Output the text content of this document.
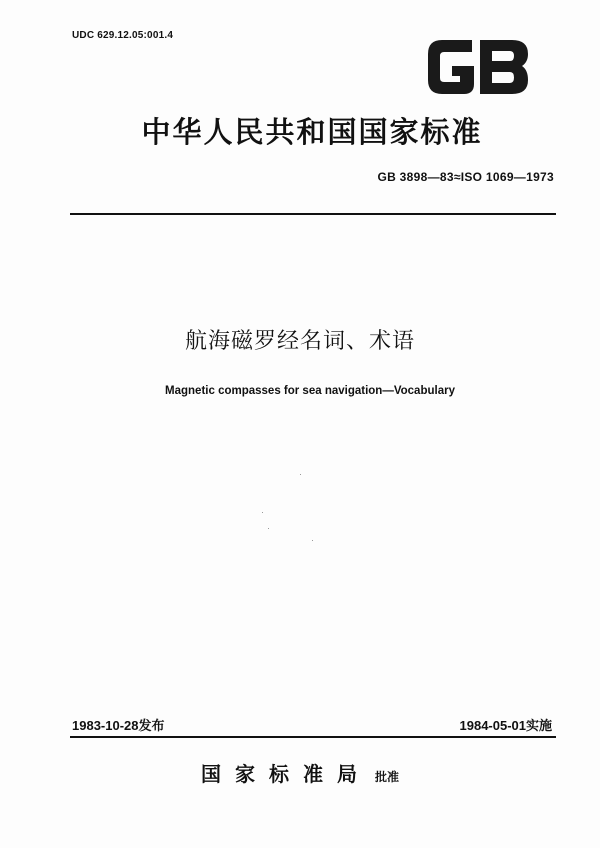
UDC 629.12.05:001.4
中华人民共和国国家标准
GB 3898—83≈ISO 1069—1973
航海磁罗经名词、术语
Magnetic compasses for sea navigation—Vocabulary
1983-10-28发布	1984-05-01实施
国家标准局 批准
